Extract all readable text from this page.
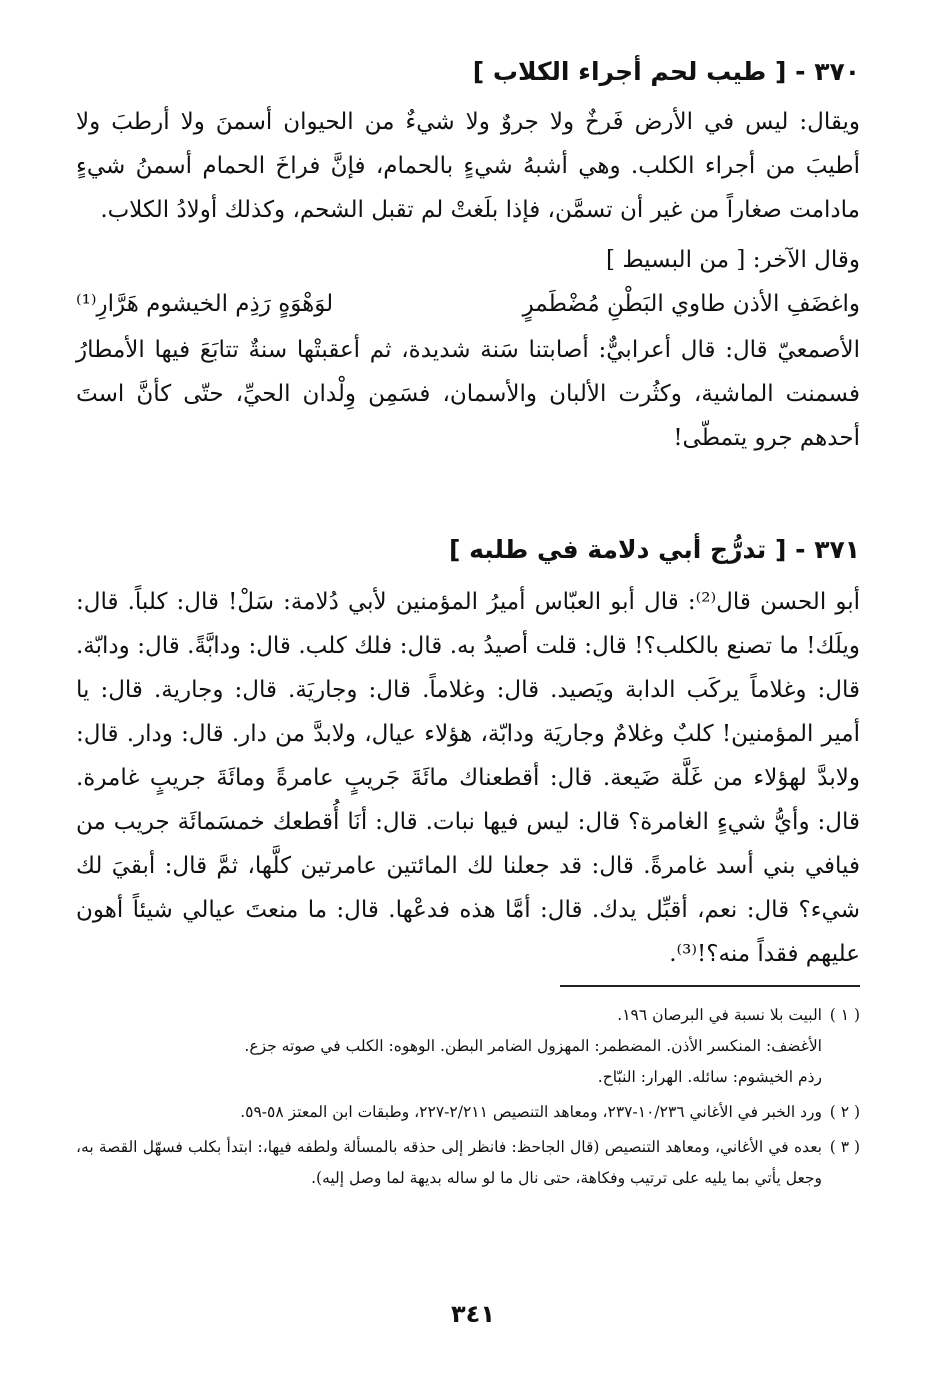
٣٧٠ - [ طيب لحم أجراء الكلاب ]

ويقال: ليس في الأرض فَرخٌ ولا جروٌ ولا شيءٌ من الحيوان أسمنَ ولا أرطبَ ولا أطيبَ من أجراء الكلب. وهي أشبهُ شيءٍ بالحمام، فإنَّ فراخَ الحمام أسمنُ شيءٍ مادامت صغاراً من غير أن تسمَّن، فإذا بلَغتْ لم تقبل الشحم، وكذلك أولادُ الكلاب.

وقال الآخر: [ من البسيط ]

واغضَفِ الأذن طاوي البَطْنِ مُضْطَمرٍ
لوَهْوَهٍ رَذِم الخيشوم هَرَّارِ⁽¹⁾

الأصمعيّ قال: قال أعرابيٌّ: أصابتنا سَنة شديدة، ثم أعقبتْها سنةٌ تتابَعَ فيها الأمطارُ فسمنت الماشية، وكثُرت الألبان والأسمان، فسَمِن وِلْدان الحيِّ، حتّى كأنَّ استَ أحدهم جرو يتمطّى!

٣٧١ - [ تدرُّج أبي دلامة في طلبه ]

أبو الحسن قال⁽²⁾: قال أبو العبّاس أميرُ المؤمنين لأبي دُلامة: سَلْ! قال: كلباً. قال: ويلَك! ما تصنع بالكلب؟! قال: قلت أصيدُ به. قال: فلك كلب. قال: ودابَّةً. قال: ودابّة. قال: وغلاماً يركَب الدابة ويَصيد. قال: وغلاماً. قال: وجاريَة. قال: وجارية. قال: يا أمير المؤمنين! كلبٌ وغلامٌ وجاريَة ودابّة، هؤلاء عيال، ولابدَّ من دار. قال: ودار. قال: ولابدَّ لهؤلاء من غَلَّة ضَيعة. قال: أقطعناك مائَةَ جَريبٍ عامرةً ومائَةَ جريبٍ غامرة. قال: وأيُّ شيءٍ الغامرة؟ قال: ليس فيها نبات. قال: أنَا أُقطعك خمسَمائَة جريب من فيافي بني أسد غامرةً. قال: قد جعلنا لك المائتين عامرتين كلَّها، ثمَّ قال: أبقيَ لك شيء؟ قال: نعم، أقبِّل يدك. قال: أمَّا هذه فدعْها. قال: ما منعتَ عيالي شيئاً أهون عليهم فقداً منه؟!⁽³⁾.

( ١ )
البيت بلا نسبة في البرصان ١٩٦.
الأغضف: المنكسر الأذن. المضطمر: المهزول الضامر البطن. الوهوه: الكلب في صوته جزع.
رذم الخيشوم: سائله. الهرار: النبّاح.
( ٢ )
ورد الخبر في الأغاني ١٠/٢٣٦-٢٣٧، ومعاهد التنصيص ٢/٢١١-٢٢٧، وطبقات ابن المعتز ٥٨-٥٩.
( ٣ )
بعده في الأغاني، ومعاهد التنصيص (قال الجاحظ: فانظر إلى حذقه بالمسألة ولطفه فيها،: ابتدأ بكلب فسهّل القصة به، وجعل يأتي بما يليه على ترتيب وفكاهة، حتى نال ما لو ساله بديهة لما وصل إليه).
٣٤١
